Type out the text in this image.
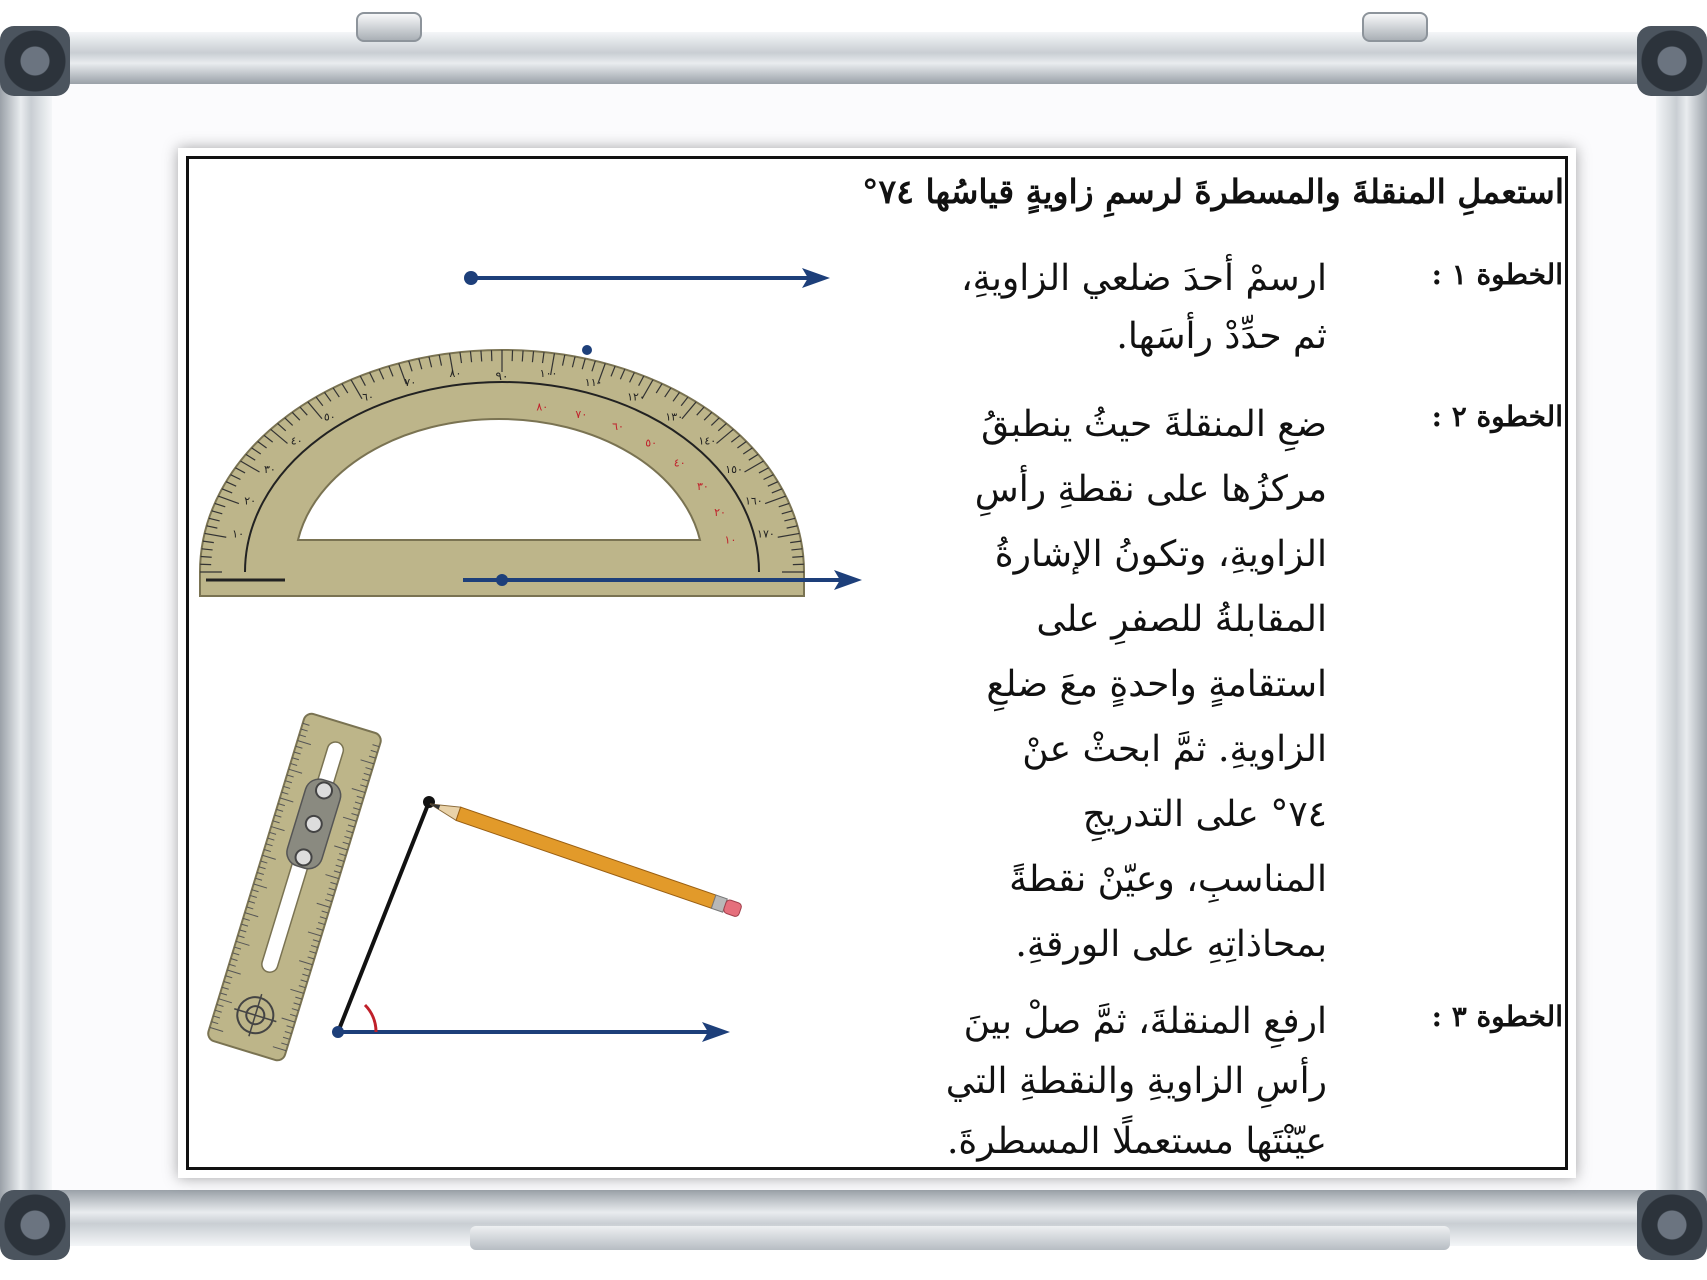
استعملِ المنقلةَ والمسطرةَ لرسمِ زاويةٍ قياسُها ٧٤°
الخطوة ١ :
ارسمْ أحدَ ضلعي الزاويةِ،
ثم حدِّدْ رأسَها.
الخطوة ٢ :
ضعِ المنقلةَ حيثُ ينطبقُ
مركزُها على نقطةِ رأسِ
الزاويةِ، وتكونُ الإشارةُ
المقابلةُ للصفرِ على
استقامةٍ واحدةٍ معَ ضلعِ
الزاويةِ. ثمَّ ابحثْ عنْ
٧٤° على التدريجِ
المناسبِ، وعيّنْ نقطةً
بمحاذاتِهِ على الورقةِ.
الخطوة ٣ :
ارفعِ المنقلةَ، ثمَّ صلْ بينَ
رأسِ الزاويةِ والنقطةِ التي
عيّنْتَها مستعملًا المسطرةَ.
٩٠
٨٠
٧٠
٦٠
٥٠
٤٠
٣٠
٢٠
١٠
١٠٠
١١٠
١٢٠
١٣٠
١٤٠
١٥٠
١٦٠
١٧٠
٨٠
٧٠
٦٠
٥٠
٤٠
٣٠
٢٠
١٠
